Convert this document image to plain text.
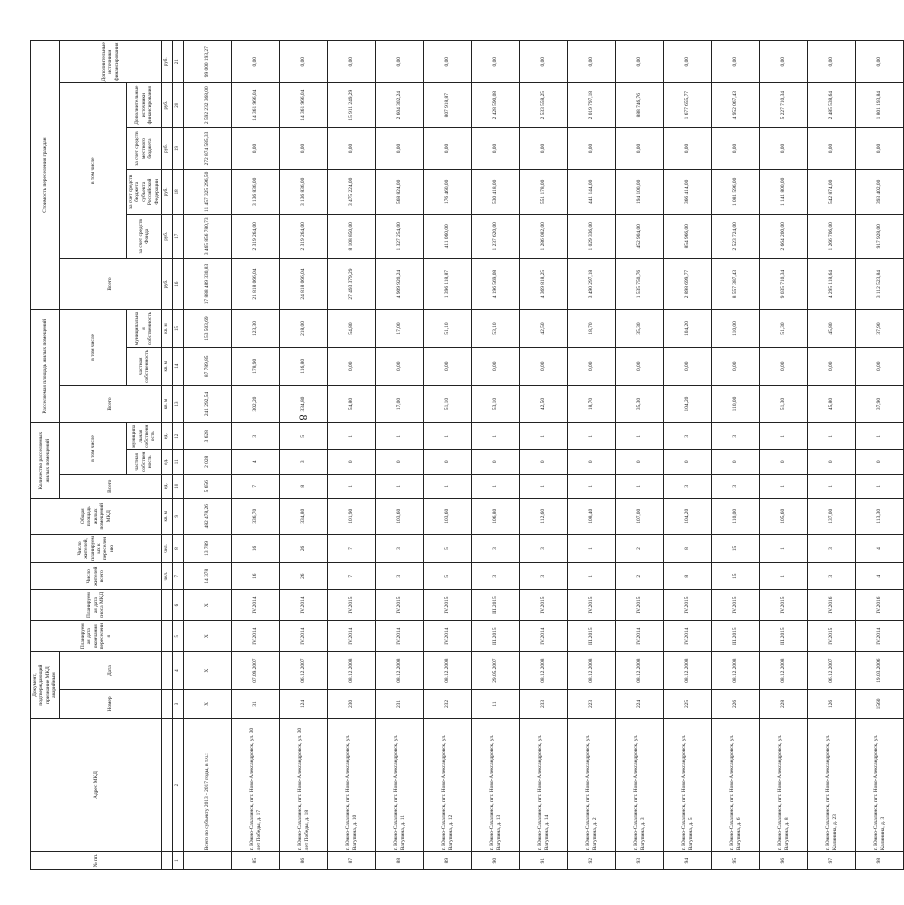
8
№ пп.	Адрес МКД	Документ, подтверждающий признание МКД аварийным		Планируемая дата окончания переселения	Планируемая дата сноса МКД	Число жителей всего	Число жителей, планируемых к переселению	Общая площадь жилых помещений МКД	Количество расселяемых жилых помещений			Расселяемая площадь жилых помещений			Стоимость переселения граждан					
		Номер	Дата						Всего	в том числе		Всего	в том числе		Всего	в том числе				Дополнительные источники финансирования
										частная собственность	муниципальная собственность		частная собственность	муниципальная собственность		за счет средств Фонда	за счет средств бюджета субъекта Российской Федерации	за счет средств местного бюджета	Дополнительные источники финансирования	
						чел.	чел.	кв. м	ед.	ед.	ед.	кв. м	кв. м	кв. м	руб.	руб.	руб.	руб.	руб.	руб.
1	2	3	4	5	6	7	8	9	10	11	12	13	14	15	16	17	18	19	20	21
	Всего по субъекту 2013 - 2017 годы, в т.ч.:	X	X	X	X	14 378	13 789	482 478,26	5 656	2 028	3 628	241 292,54	87 789,85	153 503,69	17 888 489 330,83	3 465 856 780,73	11 457 325 296,50	272 874 585,33	2 592 232 368,00	99 000 193,27
85	г. Южно-Сахалинск, пгт. Ново-Александровск, ул. 30 лет Победы, д. 17	31	07.09.2007	IV.2014	IV.2014	16	16	336,70	7	4	3	302,20	178,90	123,30	21 818 066,04	2 319 264,00	3 136 836,00	0,00	14 361 966,04	0,00
86	г. Южно-Сахалинск, пгт. Ново-Александровск, ул. 30 лет Победы, д. 18	124	06.12.2007	IV.2014	IV.2014	26	26	334,80	8	3	5	334,80	116,80	218,00	24 818 066,04	2 319 264,00	3 136 836,00	0,00	14 361 966,04	0,00
87	г. Южно-Сахалинск, пгт. Ново-Александровск, ул. Вагупина, д. 10	230	08.12.2008	IV.2014	IV.2015	7	7	101,90	1	0	1	54,80	0,00	54,80	27 493 379,29	8 108 850,00	3 475 224,00	0,00	15 911 249,29	0,00
88	г. Южно-Сахалинск, пгт. Ново-Александровск, ул. Вагупина, д. 11	231	08.12.2008	IV.2014	IV.2015	3	3	103,60	1	0	1	17,00	0,00	17,00	4 909 920,24	1 327 254,00	568 824,00	0,00	2 604 302,24	0,00
89	г. Южно-Сахалинск, пгт. Ново-Александровск, ул. Вагупина, д. 12	232	08.12.2008	IV.2014	IV.2015	5	5	103,60	1	0	1	51,10	0,00	51,10	1 396 118,87	411 060,00	176 460,00	0,00	807 918,87	0,00
90	г. Южно-Сахалинск, пгт. Ново-Александровск, ул. Вагупина, д. 13	11	29.05.2007	III.2015	III.2015	3	3	106,80	1	0	1	53,10	0,00	53,10	4 196 569,08	1 237 620,00	530 418,00	0,00	2 428 590,08	0,00
91	г. Южно-Сахалинск, пгт. Ново-Александровск, ул. Вагупина, д. 14	233	08.12.2008	IV.2014	IV.2015	3	3	112,60	1	0	1	42,50	0,00	42,50	4 369 818,25	1 286 082,00	551 178,00	0,00	2 533 558,25	0,00
92	г. Южно-Сахалинск, пгт. Ново-Александровск, ул. Вагупина, д. 2	223	08.12.2008	III.2015	IV.2015	1	1	108,40	1	0	1	18,70	0,00	18,70	3 490 297,18	1 029 336,00	441 144,00	0,00	2 019 797,18	0,00
93	г. Южно-Сахалинск, пгт. Ново-Александровск, ул. Вагупина, д. 3	224	08.12.2008	IV.2014	IV.2015	2	2	107,00	1	0	1	35,30	0,00	35,30	1 535 750,76	452 904,00	194 100,00	0,00	888 746,76	0,00
94	г. Южно-Сахалинск, пгт. Ново-Александровск, ул. Вагупина, д. 5	225	08.12.2008	IV.2014	IV.2015	8	8	104,20	3	0	3	104,20	0,00	104,20	2 898 699,77	854 966,00	366 414,00	0,00	1 677 655,77	0,00
95	г. Южно-Сахалинск, пгт. Ново-Александровск, ул. Вагупина, д. 6	226	08.12.2008	III.2015	IV.2015	15	15	110,00	3	0	3	110,00	0,00	110,00	8 557 387,43	2 523 724,00	1 081 596,00	0,00	4 952 067,43	0,00
96	г. Южно-Сахалинск, пгт. Ново-Александровск, ул. Вагупина, д. 8	228	08.12.2008	III.2015	IV.2015	1	1	105,60	1	0	1	51,30	0,00	51,30	9 035 710,34	2 664 200,00	1 141 800,00	0,00	5 227 710,34	0,00
97	г. Южно-Сахалинск, пгт. Ново-Александровск, ул. Калинина, д. 23	126	06.12.2007	IV.2015	IV.2016	3	3	137,00	1	0	1	45,80	0,00	45,80	4 295 118,64	1 266 706,00	542 874,00	0,00	2 485 538,64	0,00
98	г. Южно-Сахалинск, пгт. Ново-Александровск, ул. Калинина, д. 3	1560	19.03.2006	IV.2014	IV.2016	4	4	113,30	1	0	1	37,90	0,00	37,90	3 112 523,84	917 928,00	393 402,00	0,00	1 801 193,84	0,00
